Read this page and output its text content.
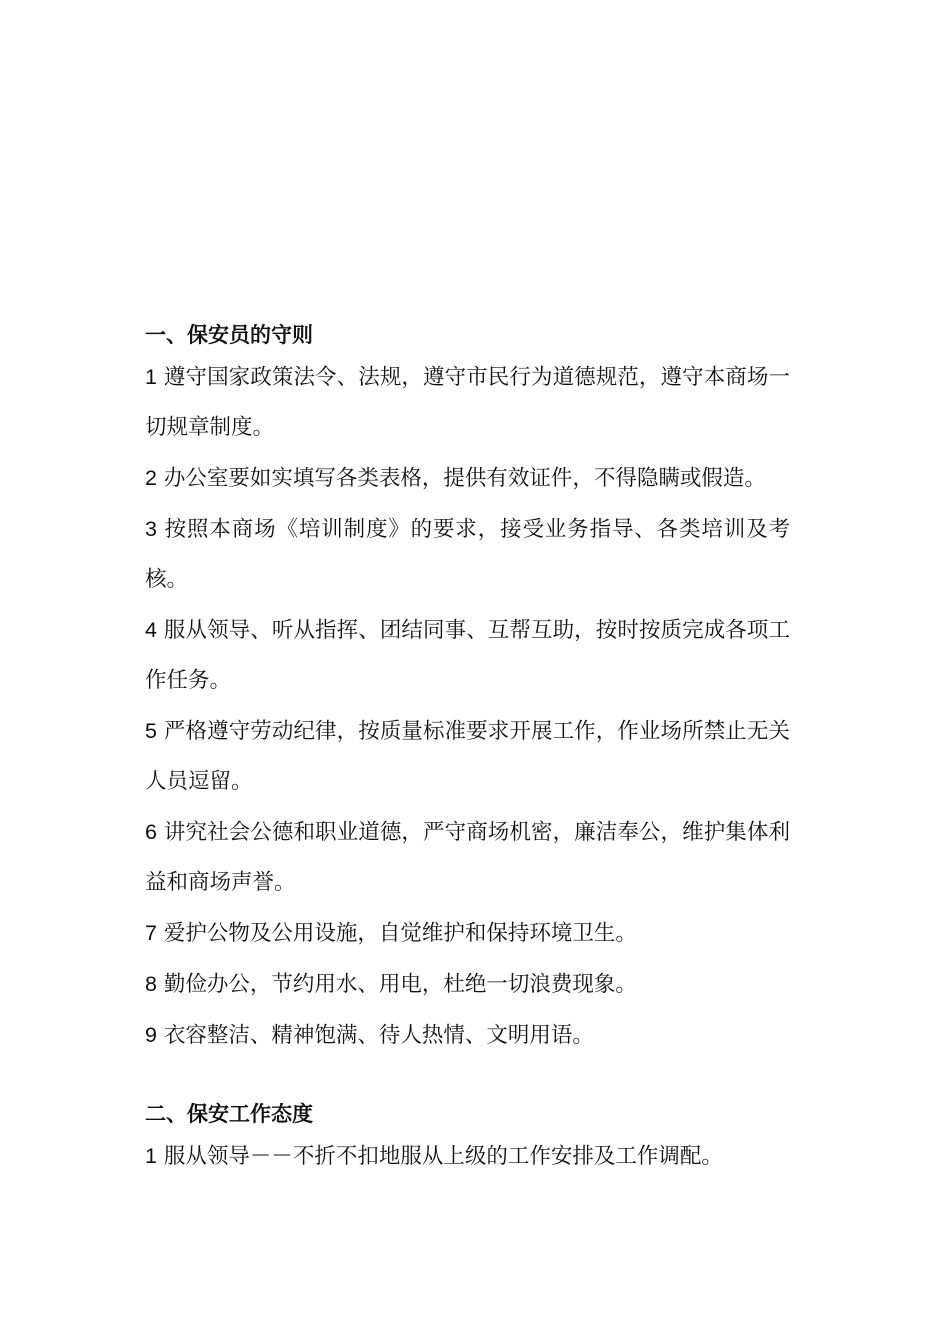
一、保安员的守则

1 遵守国家政策法令、法规，遵守市民行为道德规范，遵守本商场一切规章制度。

2 办公室要如实填写各类表格，提供有效证件，不得隐瞒或假造。

3 按照本商场《培训制度》的要求，接受业务指导、各类培训及考核。

4 服从领导、听从指挥、团结同事、互帮互助，按时按质完成各项工作任务。

5 严格遵守劳动纪律，按质量标准要求开展工作，作业场所禁止无关人员逗留。

6 讲究社会公德和职业道德，严守商场机密，廉洁奉公，维护集体利益和商场声誉。

7 爱护公物及公用设施，自觉维护和保持环境卫生。

8 勤俭办公，节约用水、用电，杜绝一切浪费现象。

9 衣容整洁、精神饱满、待人热情、文明用语。

二、保安工作态度

1 服从领导－－不折不扣地服从上级的工作安排及工作调配。
